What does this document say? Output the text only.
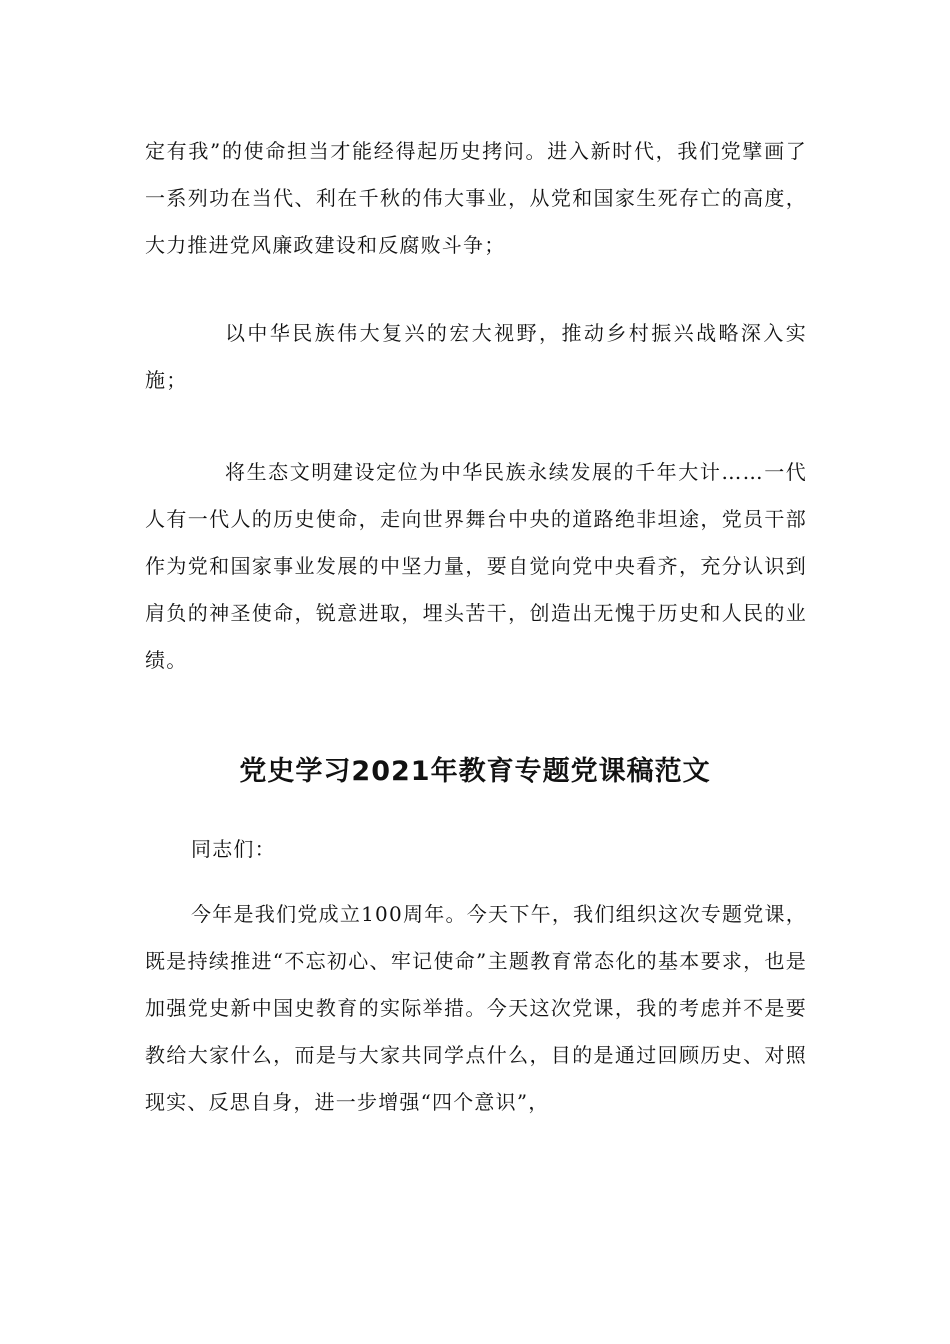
定有我”的使命担当才能经得起历史拷问。进入新时代，我们党擘画了一系列功在当代、利在千秋的伟大事业，从党和国家生死存亡的高度，大力推进党风廉政建设和反腐败斗争；

以中华民族伟大复兴的宏大视野，推动乡村振兴战略深入实施；

将生态文明建设定位为中华民族永续发展的千年大计……一代人有一代人的历史使命，走向世界舞台中央的道路绝非坦途，党员干部作为党和国家事业发展的中坚力量，要自觉向党中央看齐，充分认识到肩负的神圣使命，锐意进取，埋头苦干，创造出无愧于历史和人民的业绩。

党史学习2021年教育专题党课稿范文

同志们：

今年是我们党成立100周年。今天下午，我们组织这次专题党课，既是持续推进“不忘初心、牢记使命”主题教育常态化的基本要求，也是加强党史新中国史教育的实际举措。今天这次党课，我的考虑并不是要教给大家什么，而是与大家共同学点什么，目的是通过回顾历史、对照现实、反思自身，进一步增强“四个意识”，
